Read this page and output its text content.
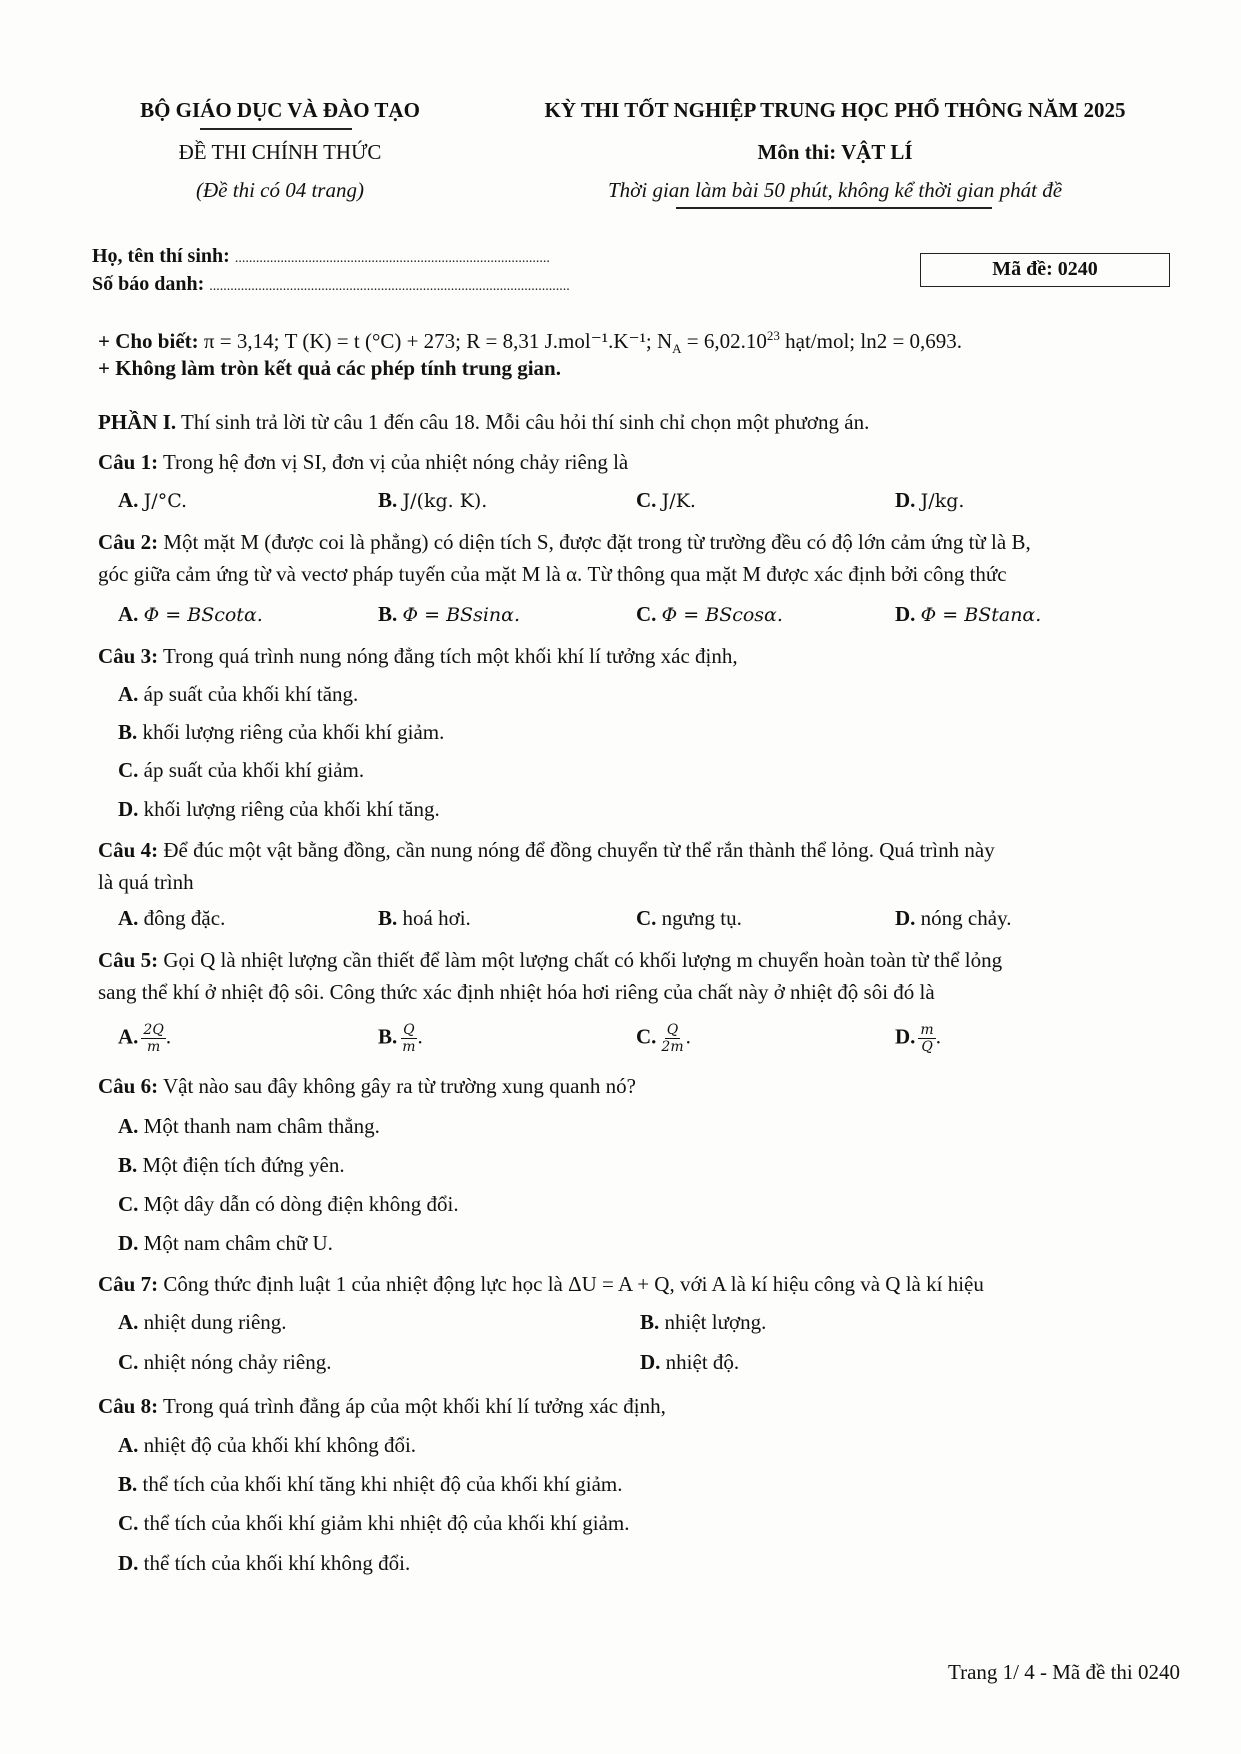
BỘ GIÁO DỤC VÀ ĐÀO TẠO
ĐỀ THI CHÍNH THỨC
(Đề thi có 04 trang)
KỲ THI TỐT NGHIỆP TRUNG HỌC PHỔ THÔNG NĂM 2025
Môn thi: VẬT LÍ
Thời gian làm bài 50 phút, không kể thời gian phát đề
Họ, tên thí sinh: ..........................................................................................
Số báo danh: .......................................................................................................
Mã đề: 0240
+ Cho biết: π = 3,14; T (K) = t (°C) + 273; R = 8,31 J.mol⁻¹.K⁻¹; $N_A = 6,02.10^{23}$ hạt/mol; ln2 = 0,693.
+ Không làm tròn kết quả các phép tính trung gian.
PHẦN I. Thí sinh trả lời từ câu 1 đến câu 18. Mỗi câu hỏi thí sinh chỉ chọn một phương án.
Câu 1: Trong hệ đơn vị SI, đơn vị của nhiệt nóng chảy riêng là
A. J/°C.	B. J/(kg. K).	C. J/K.	D. J/kg.
Câu 2: Một mặt M (được coi là phẳng) có diện tích S, được đặt trong từ trường đều có độ lớn cảm ứng từ là B,
góc giữa cảm ứng từ và vectơ pháp tuyến của mặt M là α. Từ thông qua mặt M được xác định bởi công thức
A. Φ = BScotα.	B. Φ = BSsinα.	C. Φ = BScosα.	D. Φ = BStanα.
Câu 3: Trong quá trình nung nóng đẳng tích một khối khí lí tưởng xác định,
A. áp suất của khối khí tăng.
B. khối lượng riêng của khối khí giảm.
C. áp suất của khối khí giảm.
D. khối lượng riêng của khối khí tăng.
Câu 4: Để đúc một vật bằng đồng, cần nung nóng để đồng chuyển từ thể rắn thành thể lỏng. Quá trình này
là quá trình
A. đông đặc.	B. hoá hơi.	C. ngưng tụ.	D. nóng chảy.
Câu 5: Gọi Q là nhiệt lượng cần thiết để làm một lượng chất có khối lượng m chuyển hoàn toàn từ thể lỏng
sang thể khí ở nhiệt độ sôi. Công thức xác định nhiệt hóa hơi riêng của chất này ở nhiệt độ sôi đó là
A. $\frac{2Q}{m}$ .	B. $\frac{Q}{m}$ .	C. $\frac{Q}{2m}$ .	D. $\frac{m}{Q}$ .
Câu 6: Vật nào sau đây không gây ra từ trường xung quanh nó?
A. Một thanh nam châm thẳng.
B. Một điện tích đứng yên.
C. Một dây dẫn có dòng điện không đổi.
D. Một nam châm chữ U.
Câu 7: Công thức định luật 1 của nhiệt động lực học là ΔU = A + Q, với A là kí hiệu công và Q là kí hiệu
A. nhiệt dung riêng.	B. nhiệt lượng.
C. nhiệt nóng chảy riêng.	D. nhiệt độ.
Câu 8: Trong quá trình đẳng áp của một khối khí lí tưởng xác định,
A. nhiệt độ của khối khí không đổi.
B. thể tích của khối khí tăng khi nhiệt độ của khối khí giảm.
C. thể tích của khối khí giảm khi nhiệt độ của khối khí giảm.
D. thể tích của khối khí không đổi.
Trang 1/ 4 - Mã đề thi 0240
